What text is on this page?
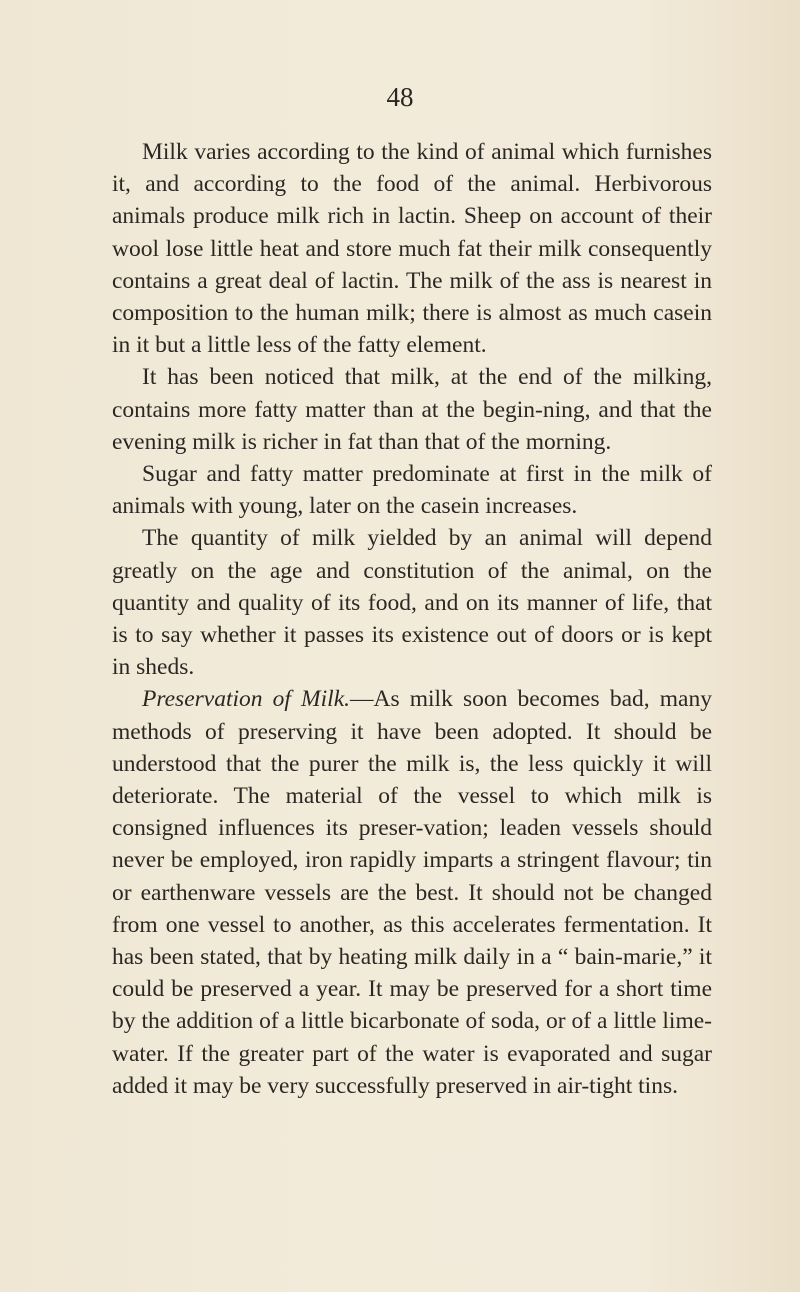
48

Milk varies according to the kind of animal which furnishes it, and according to the food of the animal. Herbivorous animals produce milk rich in lactin. Sheep on account of their wool lose little heat and store much fat their milk consequently contains a great deal of lactin. The milk of the ass is nearest in composition to the human milk; there is almost as much casein in it but a little less of the fatty element.

It has been noticed that milk, at the end of the milking, contains more fatty matter than at the begin-ning, and that the evening milk is richer in fat than that of the morning.

Sugar and fatty matter predominate at first in the milk of animals with young, later on the casein increases.

The quantity of milk yielded by an animal will depend greatly on the age and constitution of the animal, on the quantity and quality of its food, and on its manner of life, that is to say whether it passes its existence out of doors or is kept in sheds.

Preservation of Milk.—As milk soon becomes bad, many methods of preserving it have been adopted. It should be understood that the purer the milk is, the less quickly it will deteriorate. The material of the vessel to which milk is consigned influences its preser-vation; leaden vessels should never be employed, iron rapidly imparts a stringent flavour; tin or earthenware vessels are the best. It should not be changed from one vessel to another, as this accelerates fermentation. It has been stated, that by heating milk daily in a “ bain-marie,” it could be preserved a year. It may be preserved for a short time by the addition of a little bicarbonate of soda, or of a little lime-water. If the greater part of the water is evaporated and sugar added it may be very successfully preserved in air-tight tins.
